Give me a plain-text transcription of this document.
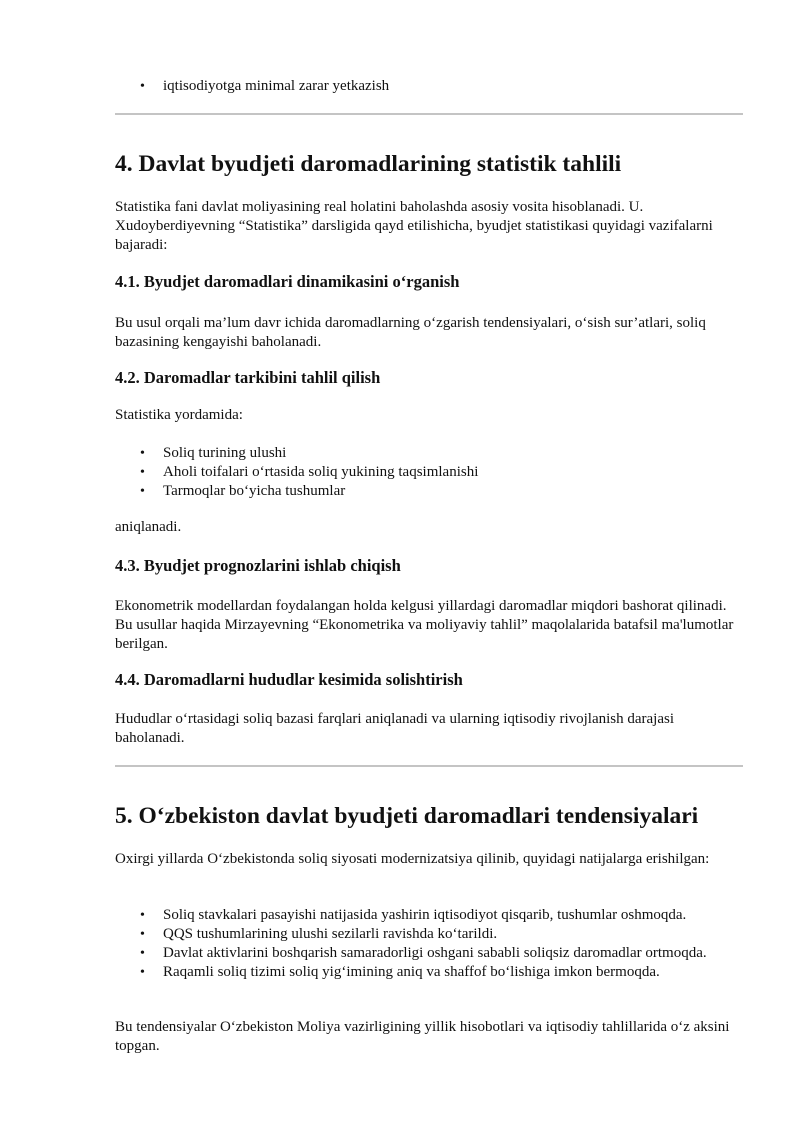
• iqtisodiyotga minimal zarar yetkazish
4. Davlat byudjeti daromadlarining statistik tahlili

Statistika fani davlat moliyasining real holatini baholashda asosiy vosita hisoblanadi. U. Xudoyberdiyevning “Statistika” darsligida qayd etilishicha, byudjet statistikasi quyidagi vazifalarni bajaradi:

4.1. Byudjet daromadlari dinamikasini o‘rganish

Bu usul orqali ma’lum davr ichida daromadlarning o‘zgarish tendensiyalari, o‘sish sur’atlari, soliq bazasining kengayishi baholanadi.

4.2. Daromadlar tarkibini tahlil qilish

Statistika yordamida:

• Soliq turining ulushi
• Aholi toifalari o‘rtasida soliq yukining taqsimlanishi
• Tarmoqlar bo‘yicha tushumlar

aniqlanadi.

4.3. Byudjet prognozlarini ishlab chiqish

Ekonometrik modellardan foydalangan holda kelgusi yillardagi daromadlar miqdori bashorat qilinadi. Bu usullar haqida Mirzayevning “Ekonometrika va moliyaviy tahlil” maqolalarida batafsil ma'lumotlar berilgan.

4.4. Daromadlarni hududlar kesimida solishtirish

Hududlar o‘rtasidagi soliq bazasi farqlari aniqlanadi va ularning iqtisodiy rivojlanish darajasi baholanadi.

5. O‘zbekiston davlat byudjeti daromadlari tendensiyalari

Oxirgi yillarda O‘zbekistonda soliq siyosati modernizatsiya qilinib, quyidagi natijalarga erishilgan:

• Soliq stavkalari pasayishi natijasida yashirin iqtisodiyot qisqarib, tushumlar oshmoqda.
• QQS tushumlarining ulushi sezilarli ravishda ko‘tarildi.
• Davlat aktivlarini boshqarish samaradorligi oshgani sababli soliqsiz daromadlar ortmoqda.
• Raqamli soliq tizimi soliq yig‘imining aniq va shaffof bo‘lishiga imkon bermoqda.

Bu tendensiyalar O‘zbekiston Moliya vazirligining yillik hisobotlari va iqtisodiy tahlillarida o‘z aksini topgan.
